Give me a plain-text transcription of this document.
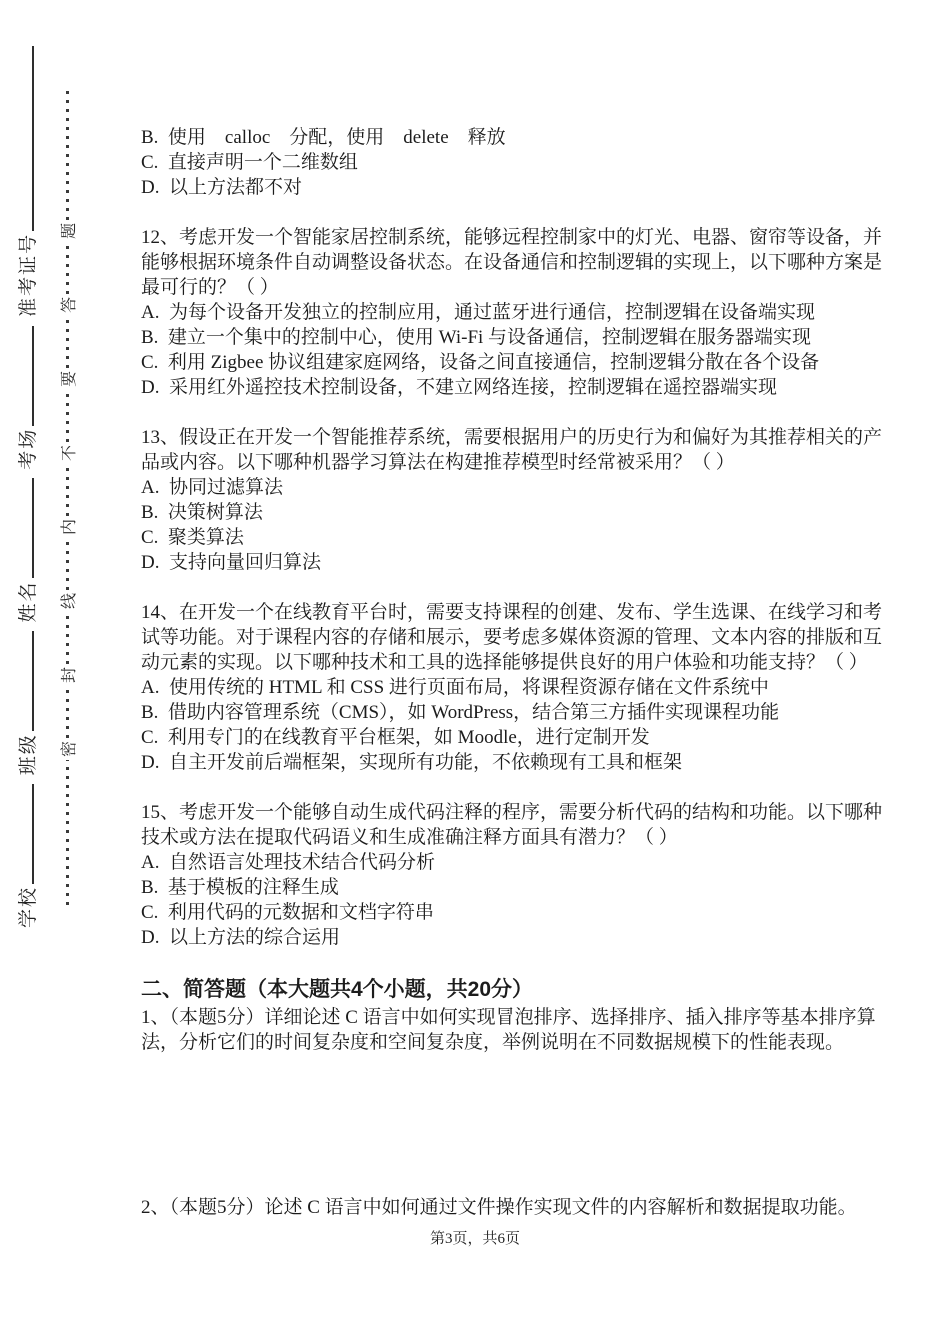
学校 班级 姓名 考场 准考证号
密
封
线
内
不
要
答
题

B.  使用    calloc    分配，使用    delete    释放

C.  直接声明一个二维数组

D.  以上方法都不对

12、考虑开发一个智能家居控制系统，能够远程控制家中的灯光、电器、窗帘等设备，并能够根据环境条件自动调整设备状态。在设备通信和控制逻辑的实现上，以下哪种方案是最可行的？（ ）

A.  为每个设备开发独立的控制应用，通过蓝牙进行通信，控制逻辑在设备端实现

B.  建立一个集中的控制中心，使用 Wi-Fi 与设备通信，控制逻辑在服务器端实现

C.  利用 Zigbee 协议组建家庭网络，设备之间直接通信，控制逻辑分散在各个设备

D.  采用红外遥控技术控制设备，不建立网络连接，控制逻辑在遥控器端实现

13、假设正在开发一个智能推荐系统，需要根据用户的历史行为和偏好为其推荐相关的产品或内容。以下哪种机器学习算法在构建推荐模型时经常被采用？（ ）

A.  协同过滤算法

B.  决策树算法

C.  聚类算法

D.  支持向量回归算法

14、在开发一个在线教育平台时，需要支持课程的创建、发布、学生选课、在线学习和考试等功能。对于课程内容的存储和展示，要考虑多媒体资源的管理、文本内容的排版和互动元素的实现。以下哪种技术和工具的选择能够提供良好的用户体验和功能支持？（ ）

A.  使用传统的 HTML 和 CSS 进行页面布局，将课程资源存储在文件系统中

B.  借助内容管理系统（CMS），如 WordPress，结合第三方插件实现课程功能

C.  利用专门的在线教育平台框架，如 Moodle，进行定制开发

D.  自主开发前后端框架，实现所有功能，不依赖现有工具和框架

15、考虑开发一个能够自动生成代码注释的程序，需要分析代码的结构和功能。以下哪种技术或方法在提取代码语义和生成准确注释方面具有潜力？（ ）

A.  自然语言处理技术结合代码分析

B.  基于模板的注释生成

C.  利用代码的元数据和文档字符串

D.  以上方法的综合运用

二、简答题（本大题共4个小题，共20分）

1、（本题5分）详细论述 C 语言中如何实现冒泡排序、选择排序、插入排序等基本排序算法，分析它们的时间复杂度和空间复杂度，举例说明在不同数据规模下的性能表现。

2、（本题5分）论述 C 语言中如何通过文件操作实现文件的内容解析和数据提取功能。

第3页，共6页
